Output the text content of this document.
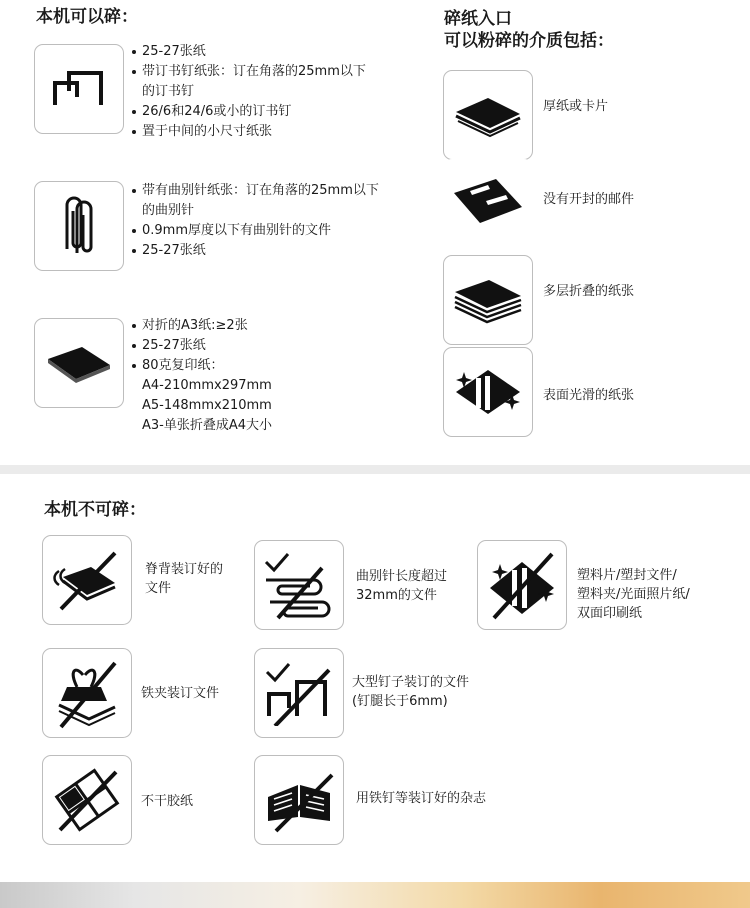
本机可以碎：
25-27张纸
带订书钉纸张：订在角落的25mm以下
的订书钉
26/6和24/6或小的订书钉
置于中间的小尺寸纸张
带有曲别针纸张：订在角落的25mm以下
的曲别针
0.9mm厚度以下有曲别针的文件
25-27张纸
对折的A3纸:≥2张
25-27张纸
80克复印纸：
A4-210mmx297mm
A5-148mmx210mm
A3-单张折叠成A4大小
碎纸入口
可以粉碎的介质包括：
厚纸或卡片
没有开封的邮件
多层折叠的纸张
表面光滑的纸张
本机不可碎：
脊背装订好的
文件
曲别针长度超过
32mm的文件
塑料片/塑封文件/
塑料夹/光面照片纸/
双面印刷纸
铁夹装订文件
大型钉子装订的文件
(钉腿长于6mm)
不干胶纸	用铁钉等装订好的杂志
